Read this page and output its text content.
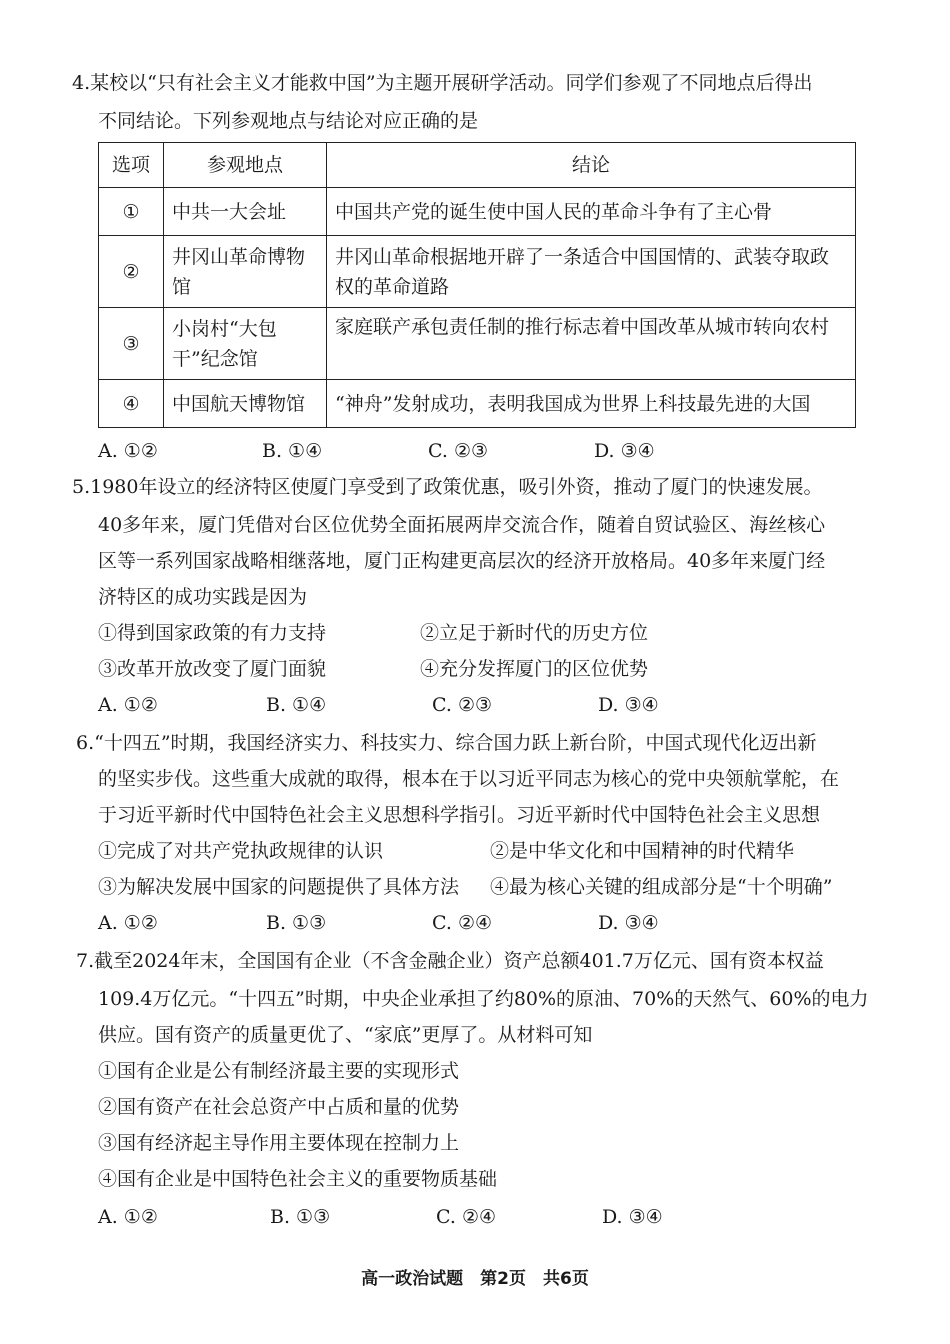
4.某校以“只有社会主义才能救中国”为主题开展研学活动。同学们参观了不同地点后得出
不同结论。下列参观地点与结论对应正确的是
选项	参观地点	结论
①	中共一大会址	中国共产党的诞生使中国人民的革命斗争有了主心骨
②	井冈山革命博物馆	井冈山革命根据地开辟了一条适合中国国情的、武装夺取政权的革命道路
③	小岗村“大包干”纪念馆	家庭联产承包责任制的推行标志着中国改革从城市转向农村
④	中国航天博物馆	“神舟”发射成功，表明我国成为世界上科技最先进的大国
A. ①②	B. ①④	C. ②③	D. ③④
5.1980年设立的经济特区使厦门享受到了政策优惠，吸引外资，推动了厦门的快速发展。
40多年来，厦门凭借对台区位优势全面拓展两岸交流合作，随着自贸试验区、海丝核心
区等一系列国家战略相继落地，厦门正构建更高层次的经济开放格局。40多年来厦门经
济特区的成功实践是因为
①得到国家政策的有力支持	②立足于新时代的历史方位
③改革开放改变了厦门面貌	④充分发挥厦门的区位优势
A. ①②	B. ①④	C. ②③	D. ③④
6.“十四五”时期，我国经济实力、科技实力、综合国力跃上新台阶，中国式现代化迈出新
的坚实步伐。这些重大成就的取得，根本在于以习近平同志为核心的党中央领航掌舵，在
于习近平新时代中国特色社会主义思想科学指引。习近平新时代中国特色社会主义思想
①完成了对共产党执政规律的认识	②是中华文化和中国精神的时代精华
③为解决发展中国家的问题提供了具体方法 ④最为核心关键的组成部分是“十个明确”
A. ①②	B. ①③	C. ②④	D. ③④
7.截至2024年末，全国国有企业（不含金融企业）资产总额401.7万亿元、国有资本权益
109.4万亿元。“十四五”时期，中央企业承担了约80%的原油、70%的天然气、60%的电力
供应。国有资产的质量更优了、“家底”更厚了。从材料可知
①国有企业是公有制经济最主要的实现形式
②国有资产在社会总资产中占质和量的优势
③国有经济起主导作用主要体现在控制力上
④国有企业是中国特色社会主义的重要物质基础
A. ①②	B. ①③	C. ②④	D. ③④
高一政治试题　第2页　共6页
